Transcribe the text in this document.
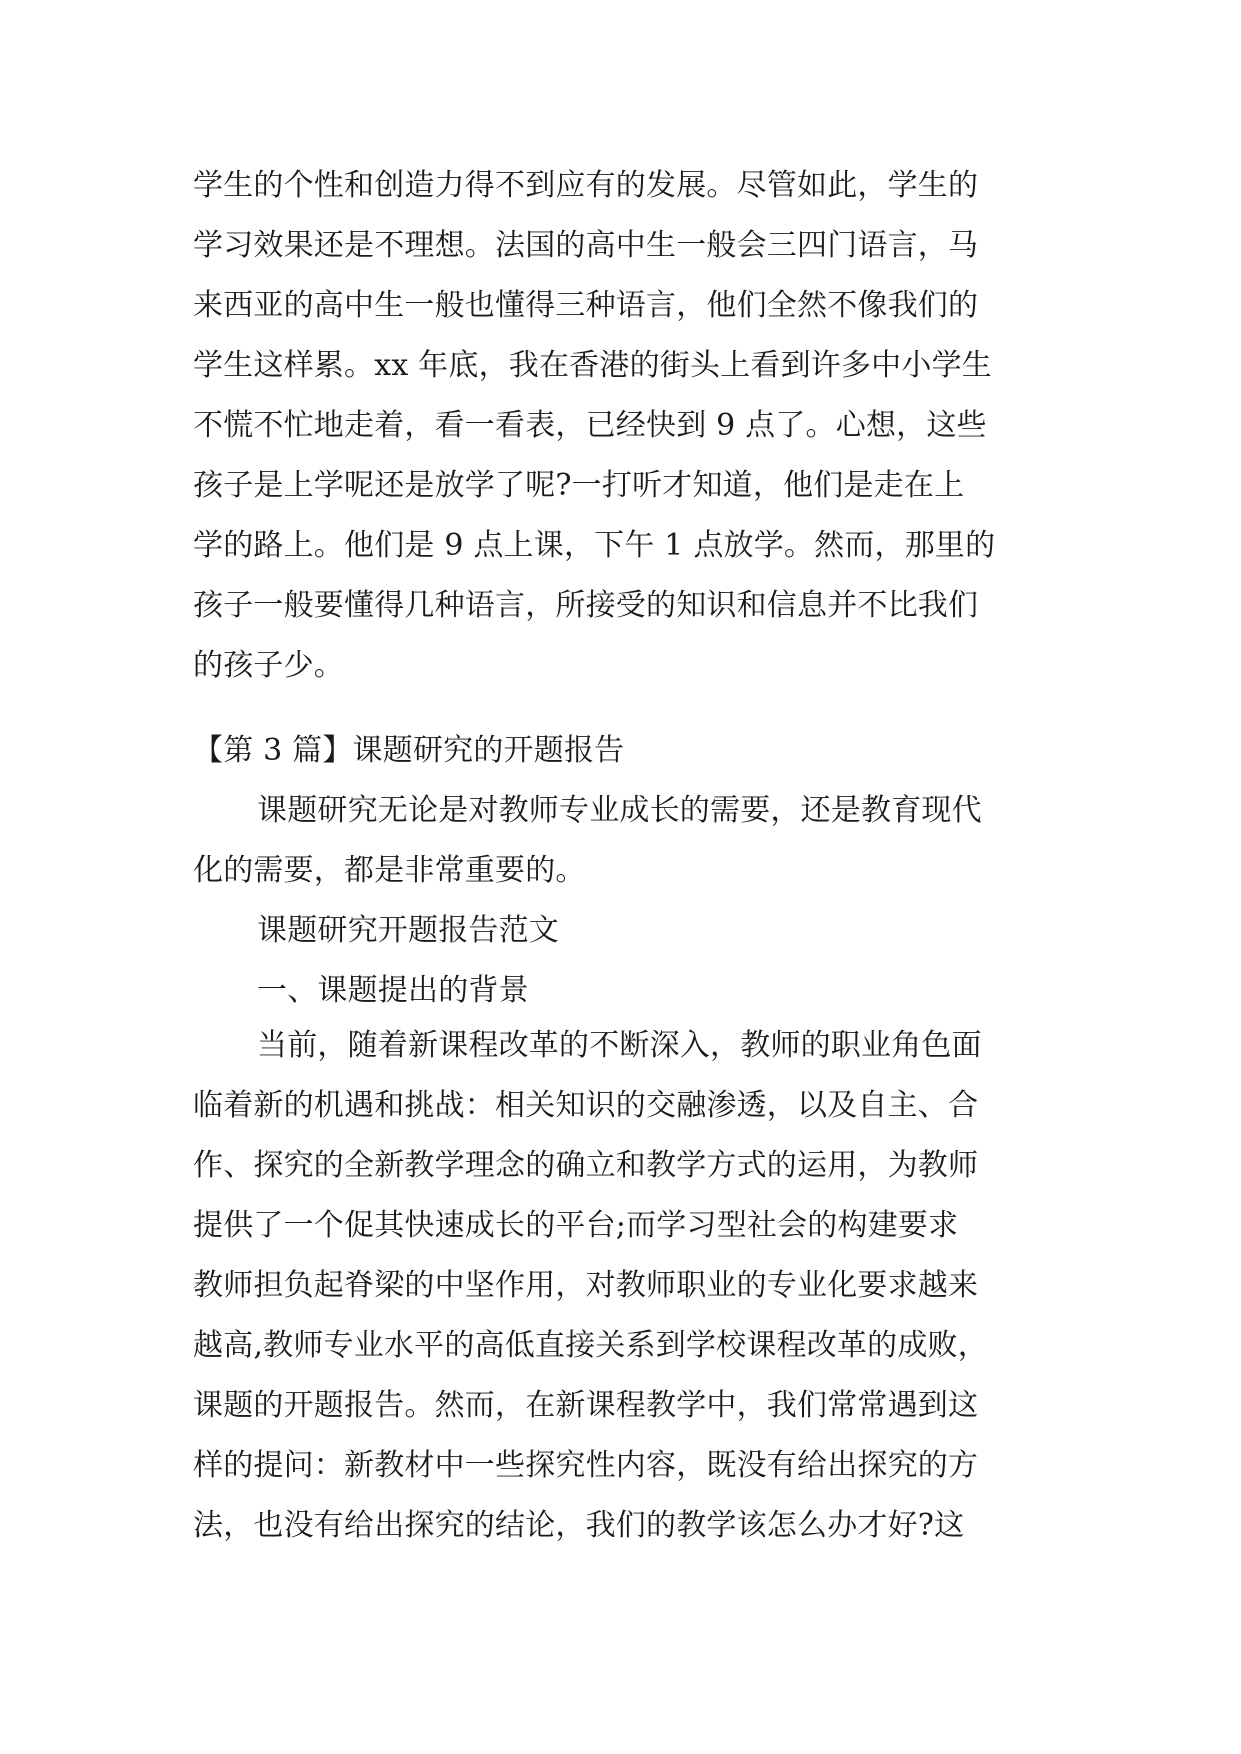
学生的个性和创造力得不到应有的发展。尽管如此，学生的
学习效果还是不理想。法国的高中生一般会三四门语言，马
来西亚的高中生一般也懂得三种语言，他们全然不像我们的
学生这样累。xx 年底，我在香港的街头上看到许多中小学生
不慌不忙地走着，看一看表，已经快到 9 点了。心想，这些
孩子是上学呢还是放学了呢?一打听才知道，他们是走在上
学的路上。他们是 9 点上课，下午 1 点放学。然而，那里的
孩子一般要懂得几种语言，所接受的知识和信息并不比我们
的孩子少。
【第 3 篇】课题研究的开题报告
课题研究无论是对教师专业成长的需要，还是教育现代
化的需要，都是非常重要的。
课题研究开题报告范文
一、课题提出的背景
当前，随着新课程改革的不断深入，教师的职业角色面
临着新的机遇和挑战：相关知识的交融渗透，以及自主、合
作、探究的全新教学理念的确立和教学方式的运用，为教师
提供了一个促其快速成长的平台;而学习型社会的构建要求
教师担负起脊梁的中坚作用，对教师职业的专业化要求越来
越高,教师专业水平的高低直接关系到学校课程改革的成败，
课题的开题报告。然而，在新课程教学中，我们常常遇到这
样的提问：新教材中一些探究性内容，既没有给出探究的方
法，也没有给出探究的结论，我们的教学该怎么办才好?这
